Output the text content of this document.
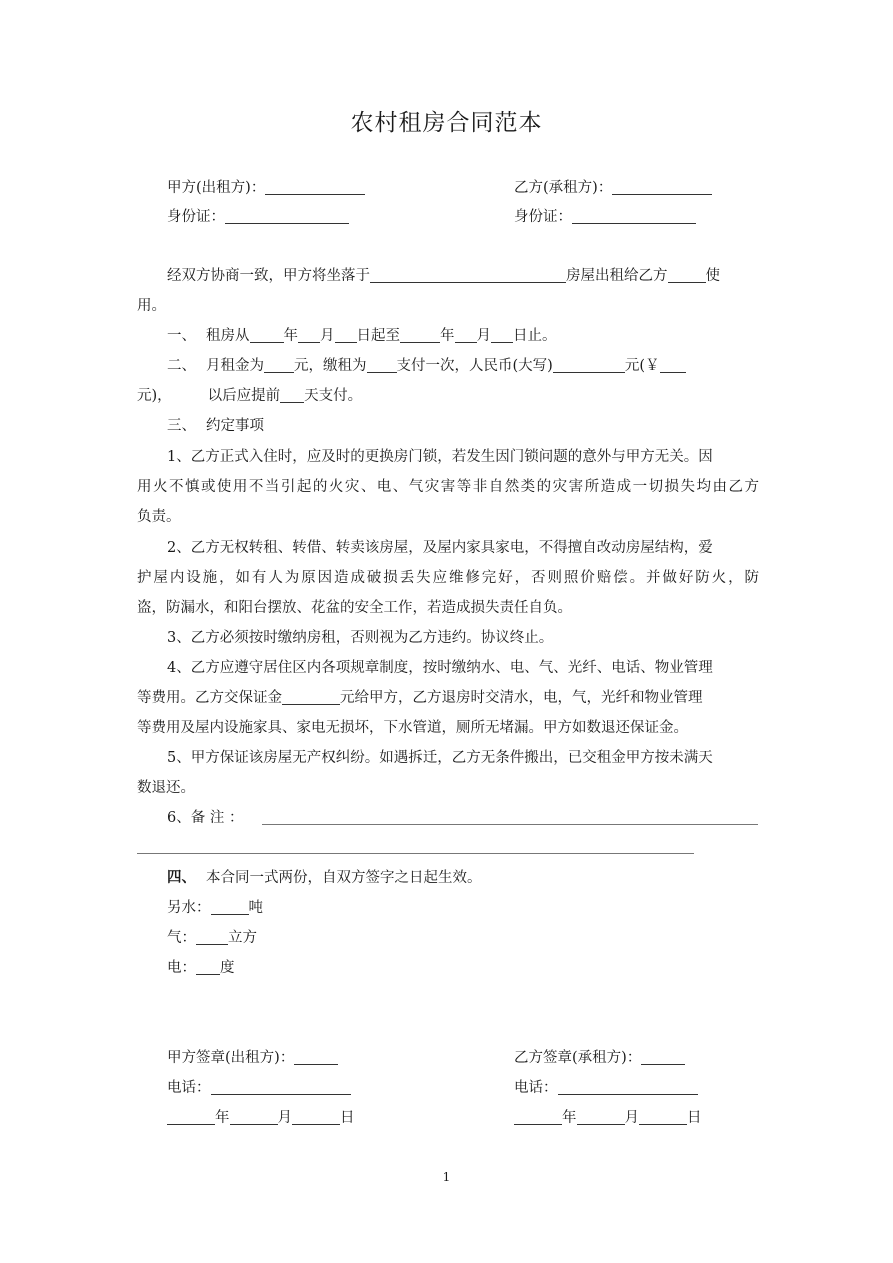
农村租房合同范本
甲方(出租方)：	乙方(承租方)：
身份证：	身份证：
经双方协商一致，甲方将坐落于	房屋出租给乙方	使
用。
一、 租房从 年 月 日起至	年 月 日止。
二、 月租金为 元，缴租为 支付一次，人民币(大写)	元(￥
元)， 以后应提前 天支付。
三、 约定事项
1、乙方正式入住时，应及时的更换房门锁，若发生因门锁问题的意外与甲方无关。因
用火不慎或使用不当引起的火灾、电、气灾害等非自然类的灾害所造成一切损失均由乙方
负责。
2、乙方无权转租、转借、转卖该房屋，及屋内家具家电，不得擅自改动房屋结构，爱
护屋内设施，如有人为原因造成破损丢失应维修完好，否则照价赔偿。并做好防火，防
盗，防漏水，和阳台摆放、花盆的安全工作，若造成损失责任自负。
3、乙方必须按时缴纳房租，否则视为乙方违约。协议终止。
4、乙方应遵守居住区内各项规章制度，按时缴纳水、电、气、光纤、电话、物业管理
等费用。乙方交保证金	元给甲方，乙方退房时交清水，电，气，光纤和物业管理
等费用及屋内设施家具、家电无损坏，下水管道，厕所无堵漏。甲方如数退还保证金。
5、甲方保证该房屋无产权纠纷。如遇拆迁，乙方无条件搬出，已交租金甲方按未满天
数退还。
6、备 注 ：
四、 本合同一式两份，自双方签字之日起生效。
另水：	吨
气： 立方
电： 度
甲方签章(出租方)：	乙方签章(承租方)：
电话：	电话：
年	月	日	年	月	日
1
